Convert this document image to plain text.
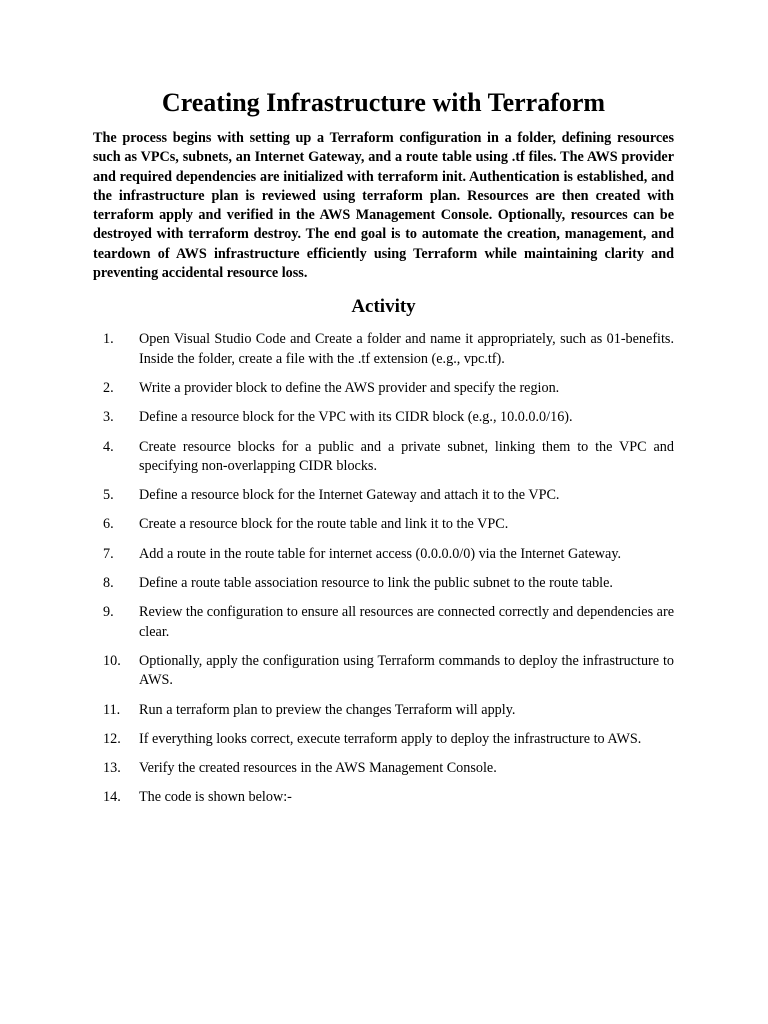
Creating Infrastructure with Terraform

The process begins with setting up a Terraform configuration in a folder, defining resources such as VPCs, subnets, an Internet Gateway, and a route table using .tf files. The AWS provider and required dependencies are initialized with terraform init. Authentication is established, and the infrastructure plan is reviewed using terraform plan. Resources are then created with terraform apply and verified in the AWS Management Console. Optionally, resources can be destroyed with terraform destroy. The end goal is to automate the creation, management, and teardown of AWS infrastructure efficiently using Terraform while maintaining clarity and preventing accidental resource loss.

Activity
1.	Open Visual Studio Code and Create a folder and name it appropriately, such as 01-benefits. Inside the folder, create a file with the .tf extension (e.g., vpc.tf).
2.	Write a provider block to define the AWS provider and specify the region.
3.	Define a resource block for the VPC with its CIDR block (e.g., 10.0.0.0/16).
4.	Create resource blocks for a public and a private subnet, linking them to the VPC and specifying non-overlapping CIDR blocks.
5.	Define a resource block for the Internet Gateway and attach it to the VPC.
6.	Create a resource block for the route table and link it to the VPC.
7.	Add a route in the route table for internet access (0.0.0.0/0) via the Internet Gateway.
8.	Define a route table association resource to link the public subnet to the route table.
9.	Review the configuration to ensure all resources are connected correctly and dependencies are clear.
10.	Optionally, apply the configuration using Terraform commands to deploy the infrastructure to AWS.
11.	Run a terraform plan to preview the changes Terraform will apply.
12.	If everything looks correct, execute terraform apply to deploy the infrastructure to AWS.
13.	Verify the created resources in the AWS Management Console.
14.	The code is shown below:-
